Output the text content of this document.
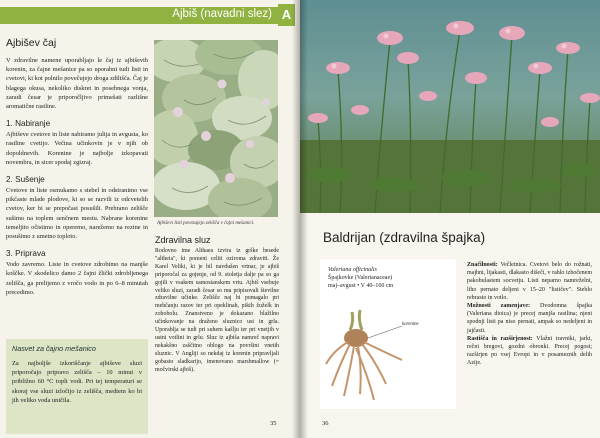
Ajbiš (navadni slez) A
Ajbišev čaj

V zdravilne namene uporabljajo le čaj iz ajbiševih korenin, za čajne mešanice pa so uporabni tudi listi in cvetovi, ki kot polnilo povečujejo droga zdilišča. Čaj je blagega okusa, nekoliko diskret in posebnega vonja, zaradi česar je priporočljivo primešati razlišne aromatične rastline.

1. Nabiranje

Ajbiševe cvetove in liste nabiramo julija in avgusta, ko rastline cvetijo. Večina učinkovin je v njih ob dopoldnevih. Korenine je najbolje izkopavati novembra, in sicer spodaj zgizraj.

2. Sušenje

Cvetove in liste osmukamo s stebel in odstranimo vse pikčaste mlade plodove, ki so se razvili iz odcvetelih cvetov, ker bi se prepočasi posušili. Prebrano zelišče sušimo na toplem senčnem mestu. Nabrane korenine temeljito očistimo in operemo, narežemo na rezine in posušimo z umetno toploto.

3. Priprava

Vodo zavremo. Liste in cvetove zdrobimo na manjše koščke. V skodelico damo 2 čajni žlički zdrobljenega zelišča, ga prelijemo z vročo vodo in po 6–8 minutah precedimo.

Nasvet za čajno mešanico

Za najboljše izkoriščanje ajbiševe sluzi priporočajo pripravo zelišča – 10 minut v približno 60 °C topli vodi. Pri tej temperaturi se skoraj vse sluzi izločijo iz zelišča, medtem ko bi jih veliko voda uničila.

Ajbiševi listi povezujejo zelišča v čajni mešanici.
Zdravilna sluz

Rodovno ime Althaea izvira iz grške besede "altheia", ki pomeni celiti oziroma zdraviti. Že Karel Veliki, ki je bil navdušen vrtnar, je ajbiš priporočal za gojenje, od 9. stoletja dalje pa so ga gojili v vsakem samostanskem vrtu. Ajbiš vsebuje veliko sluzi, zaradi česar so mu pripisovali številne zdravilne učinke. Zelišče naj bi pomagalo pri mehčanju razov ter pri opeklinah, pikih žuželk in zobobolu. Znanstveno je dokazano blažilno učinkovanje na draženo sluznico ust in grla. Uporablja se tudi pri suhem kašlju ter pri vnetjih v ustni votlini in grlu. Sluz iz ajbiša namreč napravi nekakšno zaščitno oblogo na površini vnetih sluznic. V Angliji so nekdaj iz korenin pripravljali gobasto sladkarijo, imenovano marshmallow (= močvirski ajbiš).

35
Baldrijan (zdravilna špajka)
Valeriana officinalis
Špajkovke (Valerianaceae)
maj–avgust • V 40–160 cm
korenine

Značilnosti: Večletnica. Cvetovi belo do rožnati, majhni, lijakasti, dlakasto dišeči, v rahlo izbočenem pakobulastem socvetju. Listi neparno namreželni, liho pernato deljeni v 15–20 "lističev". Steblo rebrasto in votlo.

Možnosti zamenjave: Dvodomna špajka (Valeriana dioica) je precej manjša rastlina; njeni spodnji listi pa niso pernati, ampak so nedeljeni in jajčasti.

Rastišča in razširjenost: Vlažni travniki, jarki, rečni bregovi, gozdni obronki. Precej pogost; razširjen po vsej Evropi in v posameznih delih Azije.

36
